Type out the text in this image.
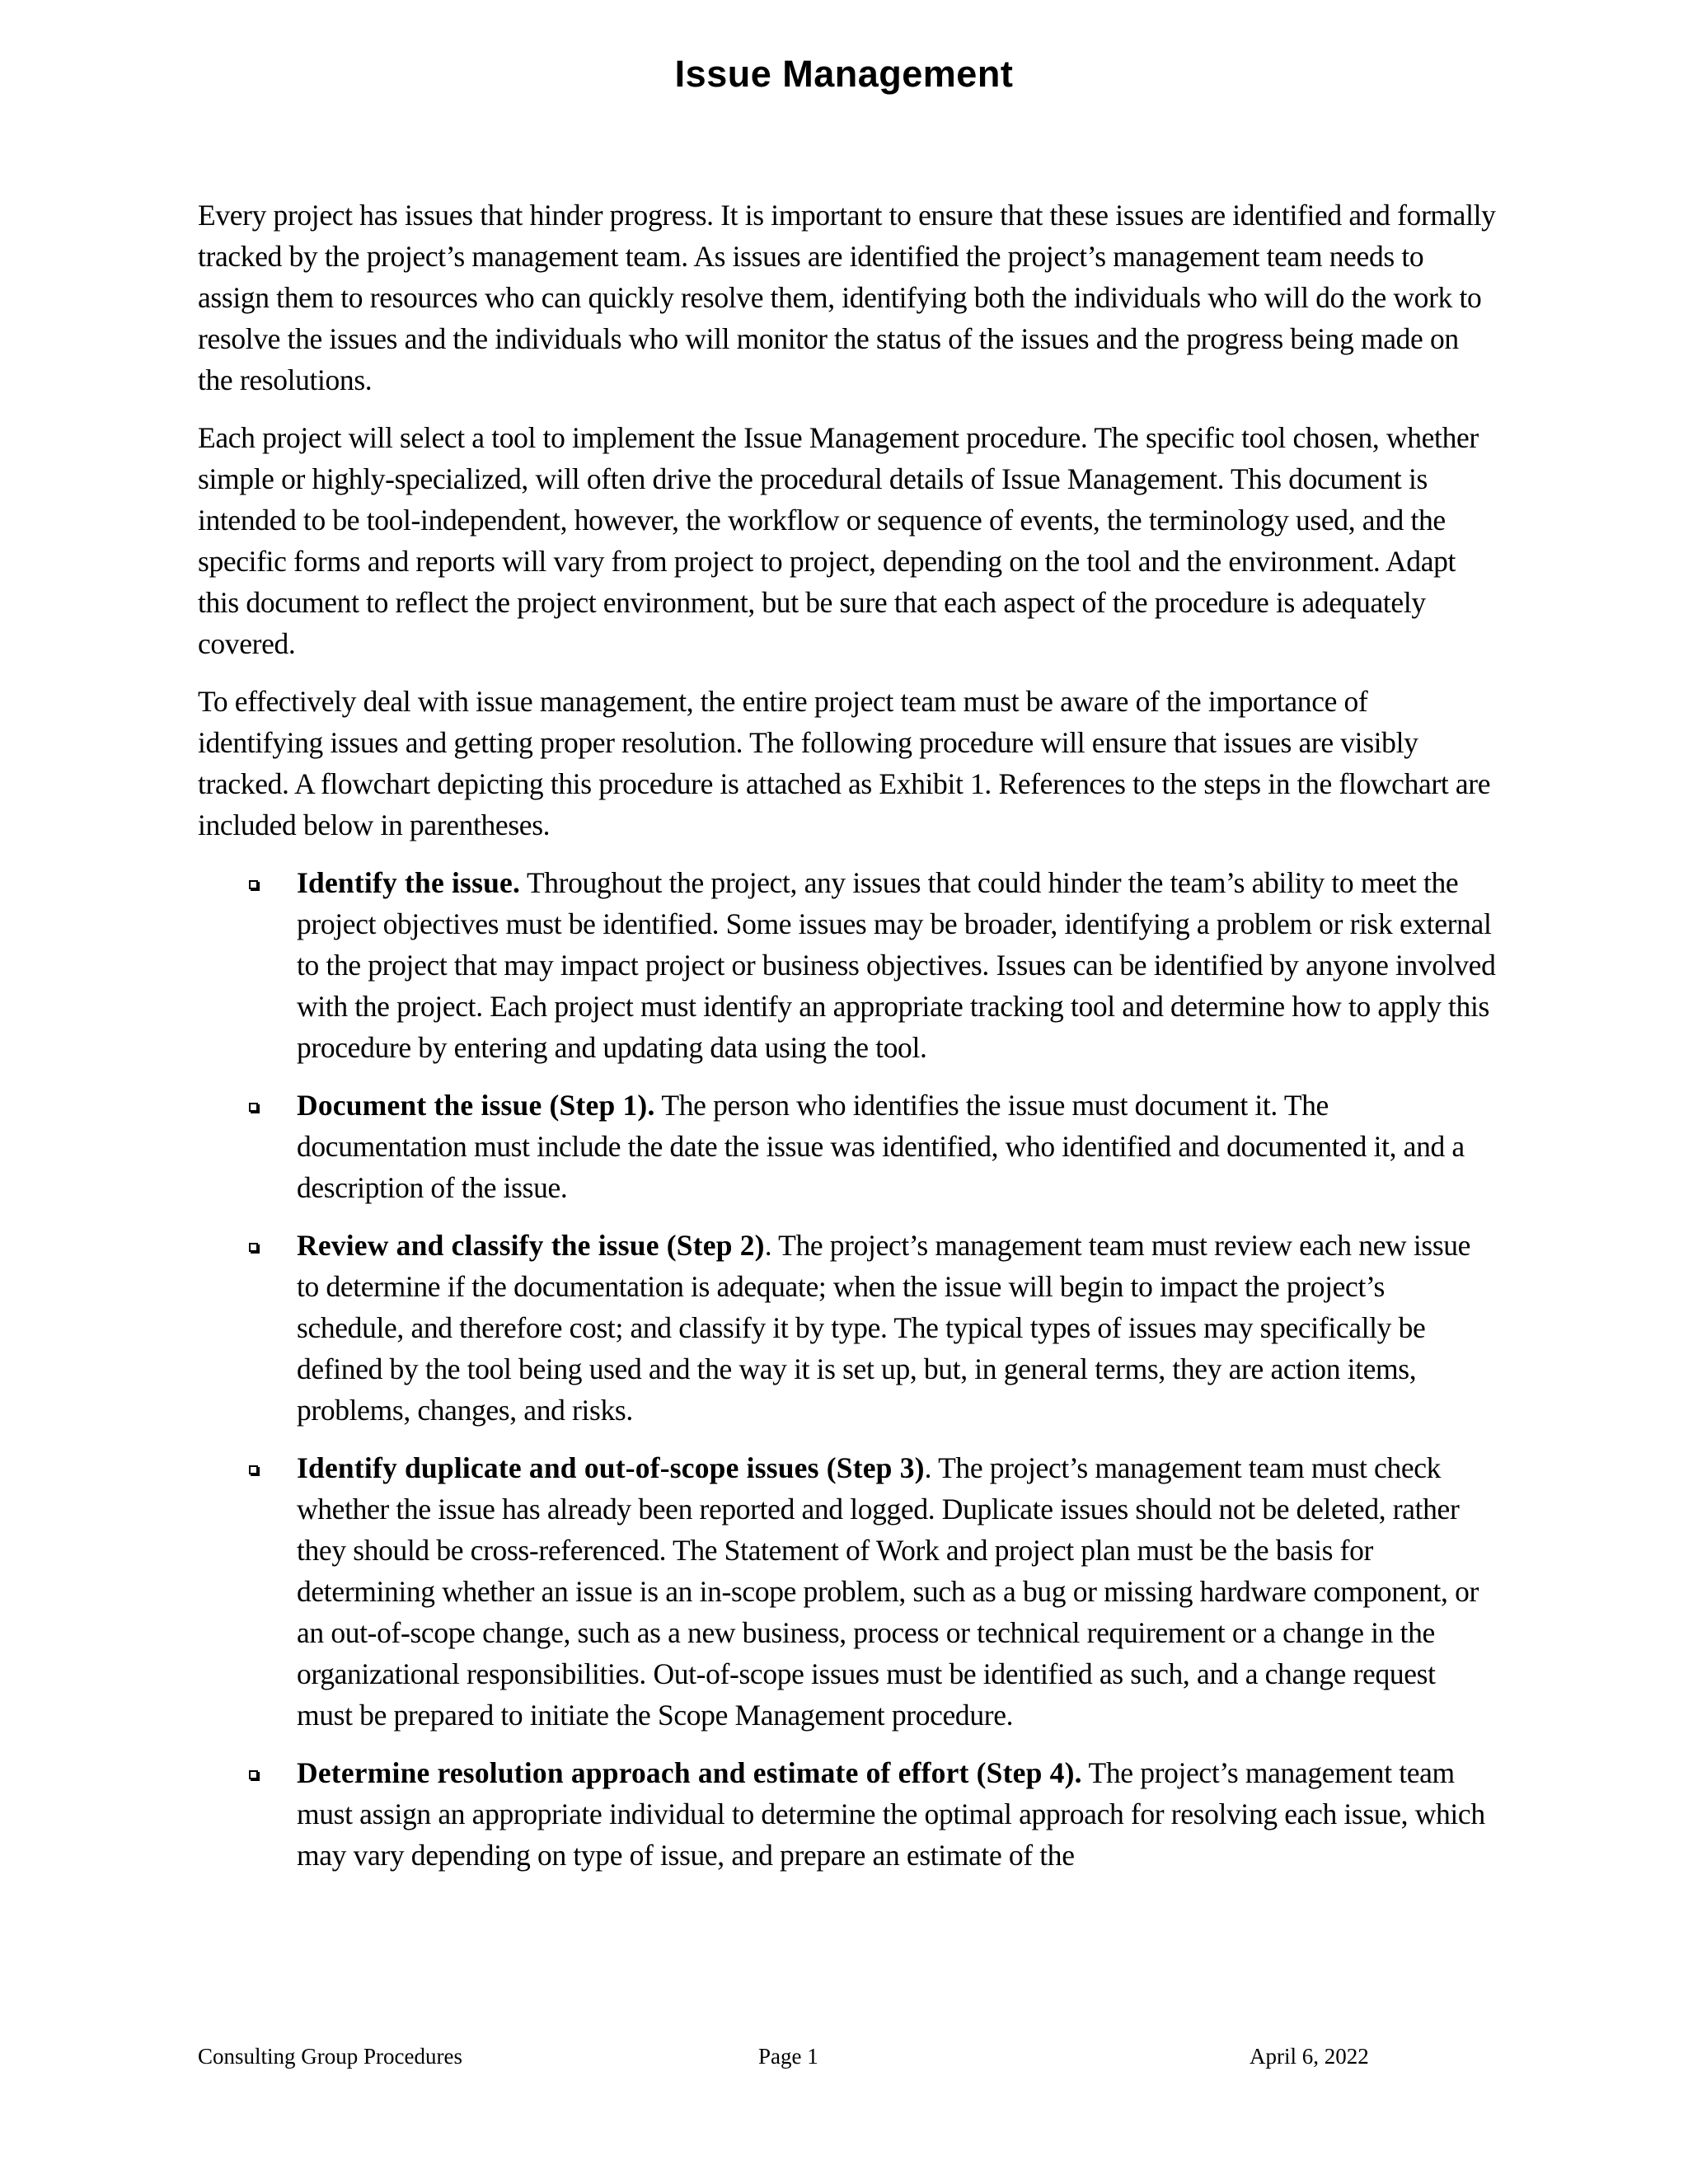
Issue Management

Every project has issues that hinder progress. It is important to ensure that these issues are identified and formally tracked by the project’s management team. As issues are identified the project’s management team needs to assign them to resources who can quickly resolve them, identifying both the individuals who will do the work to resolve the issues and the individuals who will monitor the status of the issues and the progress being made on the resolutions.

Each project will select a tool to implement the Issue Management procedure. The specific tool chosen, whether simple or highly-specialized, will often drive the procedural details of Issue Management. This document is intended to be tool-independent, however, the workflow or sequence of events, the terminology used, and the specific forms and reports will vary from project to project, depending on the tool and the environment. Adapt this document to reflect the project environment, but be sure that each aspect of the procedure is adequately covered.

To effectively deal with issue management, the entire project team must be aware of the importance of identifying issues and getting proper resolution. The following procedure will ensure that issues are visibly tracked. A flowchart depicting this procedure is attached as Exhibit 1. References to the steps in the flowchart are included below in parentheses.

Identify the issue. Throughout the project, any issues that could hinder the team’s ability to meet the project objectives must be identified. Some issues may be broader, identifying a problem or risk external to the project that may impact project or business objectives. Issues can be identified by anyone involved with the project. Each project must identify an appropriate tracking tool and determine how to apply this procedure by entering and updating data using the tool.
Document the issue (Step 1). The person who identifies the issue must document it. The documentation must include the date the issue was identified, who identified and documented it, and a description of the issue.
Review and classify the issue (Step 2). The project’s management team must review each new issue to determine if the documentation is adequate; when the issue will begin to impact the project’s schedule, and therefore cost; and classify it by type. The typical types of issues may specifically be defined by the tool being used and the way it is set up, but, in general terms, they are action items, problems, changes, and risks.
Identify duplicate and out-of-scope issues (Step 3). The project’s management team must check whether the issue has already been reported and logged. Duplicate issues should not be deleted, rather they should be cross-referenced. The Statement of Work and project plan must be the basis for determining whether an issue is an in-scope problem, such as a bug or missing hardware component, or an out-of-scope change, such as a new business, process or technical requirement or a change in the organizational responsibilities. Out-of-scope issues must be identified as such, and a change request must be prepared to initiate the Scope Management procedure.
Determine resolution approach and estimate of effort (Step 4). The project’s management team must assign an appropriate individual to determine the optimal approach for resolving each issue, which may vary depending on type of issue, and prepare an estimate of the
Consulting Group Procedures	Page 1	April 6, 2022
